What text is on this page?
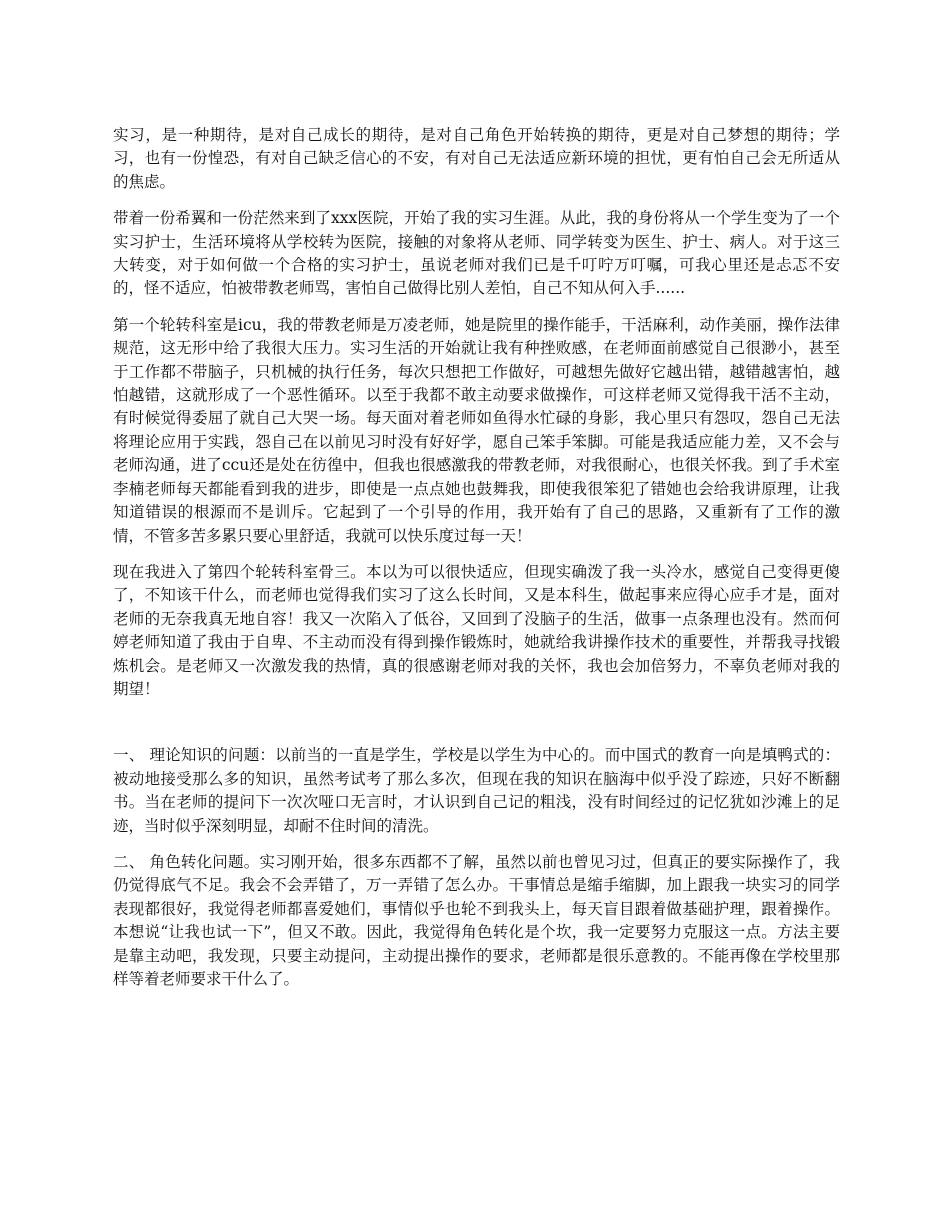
实习，是一种期待，是对自己成长的期待，是对自己角色开始转换的期待，更是对自己梦想的期待；学习，也有一份惶恐，有对自己缺乏信心的不安，有对自己无法适应新环境的担忧，更有怕自己会无所适从的焦虑。

带着一份希翼和一份茫然来到了xxx医院，开始了我的实习生涯。从此，我的身份将从一个学生变为了一个实习护士，生活环境将从学校转为医院，接触的对象将从老师、同学转变为医生、护士、病人。对于这三大转变，对于如何做一个合格的实习护士，虽说老师对我们已是千叮咛万叮嘱，可我心里还是忐忑不安的，怪不适应，怕被带教老师骂，害怕自己做得比别人差怕，自己不知从何入手......

第一个轮转科室是icu，我的带教老师是万凌老师，她是院里的操作能手，干活麻利，动作美丽，操作法律规范，这无形中给了我很大压力。实习生活的开始就让我有种挫败感，在老师面前感觉自己很渺小，甚至于工作都不带脑子，只机械的执行任务，每次只想把工作做好，可越想先做好它越出错，越错越害怕，越怕越错，这就形成了一个恶性循环。以至于我都不敢主动要求做操作，可这样老师又觉得我干活不主动，有时候觉得委屈了就自己大哭一场。每天面对着老师如鱼得水忙碌的身影，我心里只有怨叹，怨自己无法将理论应用于实践，怨自己在以前见习时没有好好学，愿自己笨手笨脚。可能是我适应能力差，又不会与老师沟通，进了ccu还是处在彷徨中，但我也很感激我的带教老师，对我很耐心，也很关怀我。到了手术室李楠老师每天都能看到我的进步，即使是一点点她也鼓舞我，即使我很笨犯了错她也会给我讲原理，让我知道错误的根源而不是训斥。它起到了一个引导的作用，我开始有了自己的思路，又重新有了工作的激情，不管多苦多累只要心里舒适，我就可以快乐度过每一天！

现在我进入了第四个轮转科室骨三。本以为可以很快适应，但现实确泼了我一头冷水，感觉自己变得更傻了，不知该干什么，而老师也觉得我们实习了这么长时间，又是本科生，做起事来应得心应手才是，面对老师的无奈我真无地自容！我又一次陷入了低谷，又回到了没脑子的生活，做事一点条理也没有。然而何婷老师知道了我由于自卑、不主动而没有得到操作锻炼时，她就给我讲操作技术的重要性，并帮我寻找锻炼机会。是老师又一次激发我的热情，真的很感谢老师对我的关怀，我也会加倍努力，不辜负老师对我的期望！

一、 理论知识的问题：以前当的一直是学生，学校是以学生为中心的。而中国式的教育一向是填鸭式的：被动地接受那么多的知识，虽然考试考了那么多次，但现在我的知识在脑海中似乎没了踪迹，只好不断翻书。当在老师的提问下一次次哑口无言时，才认识到自己记的粗浅，没有时间经过的记忆犹如沙滩上的足迹，当时似乎深刻明显，却耐不住时间的清洗。

二、 角色转化问题。实习刚开始，很多东西都不了解，虽然以前也曾见习过，但真正的要实际操作了，我仍觉得底气不足。我会不会弄错了，万一弄错了怎么办。干事情总是缩手缩脚，加上跟我一块实习的同学表现都很好，我觉得老师都喜爱她们，事情似乎也轮不到我头上，每天盲目跟着做基础护理，跟着操作。本想说“让我也试一下”，但又不敢。因此，我觉得角色转化是个坎，我一定要努力克服这一点。方法主要是靠主动吧，我发现，只要主动提问，主动提出操作的要求，老师都是很乐意教的。不能再像在学校里那样等着老师要求干什么了。
